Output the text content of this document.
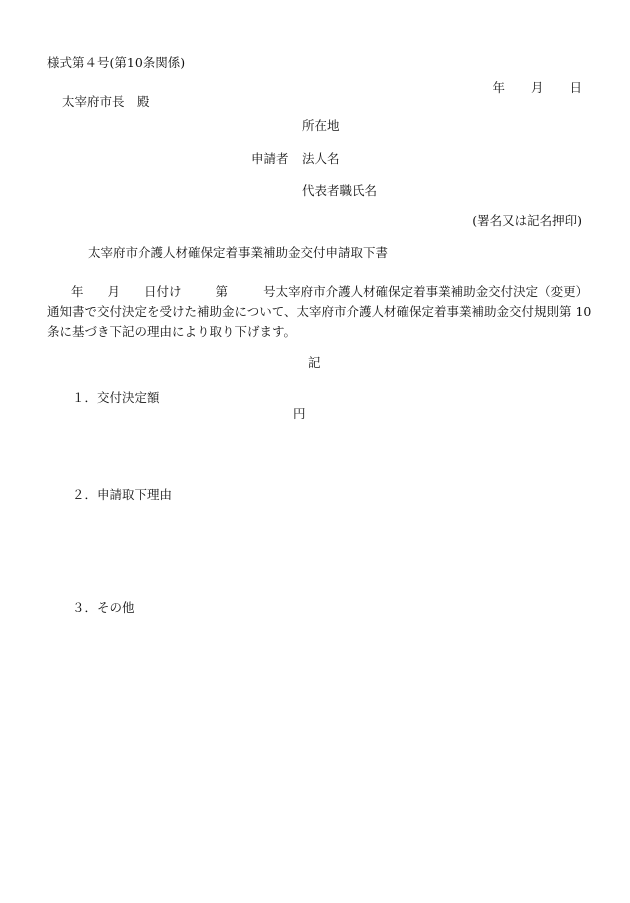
様式第４号(第10条関係)
年 月 日
太宰府市長　殿
所在地
申請者 法人名
代表者職氏名
(署名又は記名押印)
太宰府市介護人材確保定着事業補助金交付申請取下書
年 月 日付け	第	号太宰府市介護人材確保定着事業補助金交付決定（変更）
通知書で交付決定を受けた補助金について、太宰府市介護人材確保定着事業補助金交付規則第 10
条に基づき下記の理由により取り下げます。
記
１．交付決定額
円
２．申請取下理由
３．その他
